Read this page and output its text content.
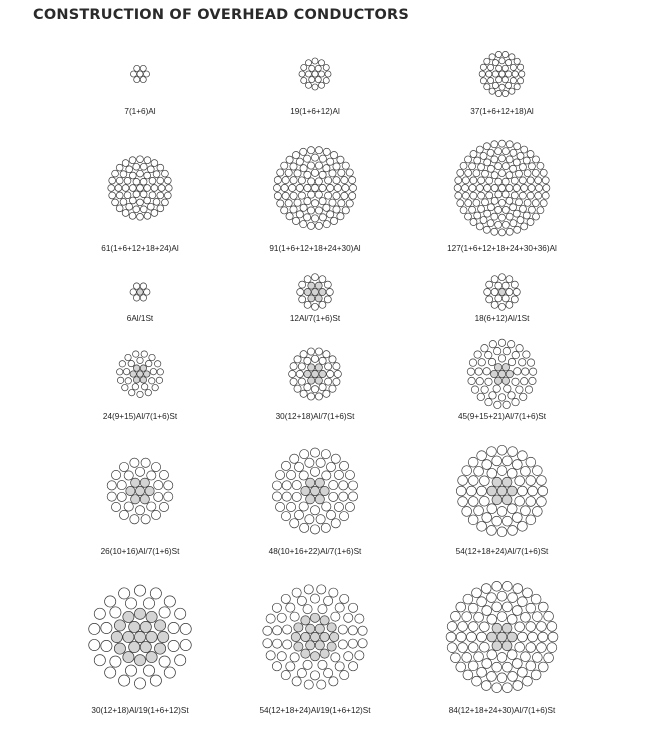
CONSTRUCTION OF OVERHEAD CONDUCTORS
7(1+6)Al	19(1+6+12)Al	37(1+6+12+18)Al
61(1+6+12+18+24)Al	91(1+6+12+18+24+30)Al	127(1+6+12+18+24+30+36)Al
6Al/1St	12Al/7(1+6)St	18(6+12)Al/1St
24(9+15)Al/7(1+6)St	30(12+18)Al/7(1+6)St	45(9+15+21)Al/7(1+6)St
26(10+16)Al/7(1+6)St	48(10+16+22)Al/7(1+6)St	54(12+18+24)Al/7(1+6)St
30(12+18)Al/19(1+6+12)St	54(12+18+24)Al/19(1+6+12)St	84(12+18+24+30)Al/7(1+6)St
